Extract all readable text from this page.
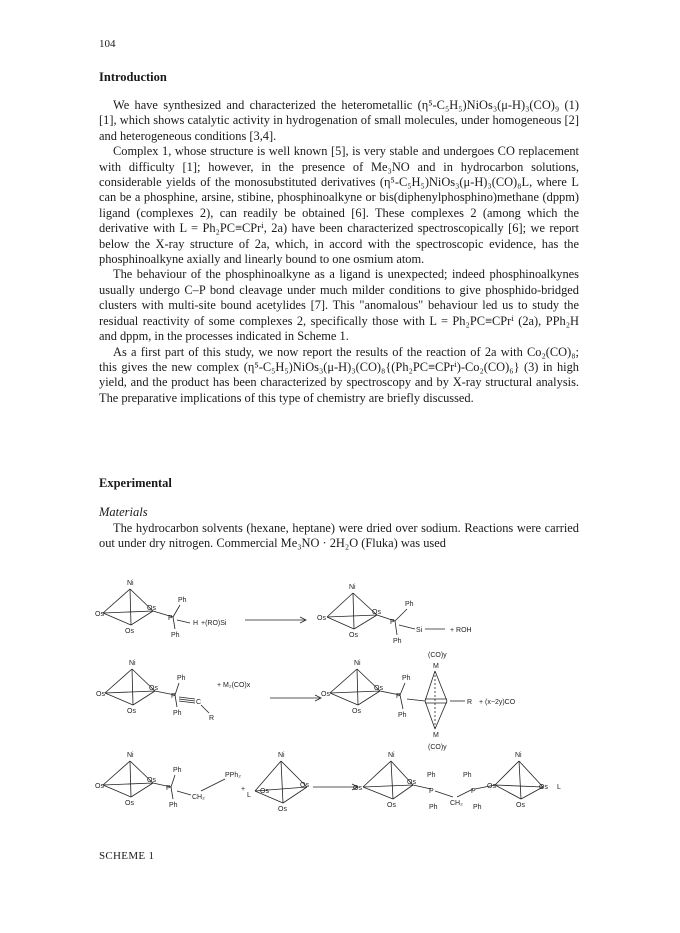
104
Introduction

We have synthesized and characterized the heterometallic (η⁵-C₅H₅)NiOs₃(μ-H)₃(CO)₉ (1) [1], which shows catalytic activity in hydrogenation of small molecules, under homogeneous [2] and heterogeneous conditions [3,4].

Complex 1, whose structure is well known [5], is very stable and undergoes CO replacement with difficulty [1]; however, in the presence of Me₃NO and in hydrocarbon solutions, considerable yields of the monosubstituted derivatives (η⁵-C₅H₅)NiOs₃(μ-H)₃(CO)₈L, where L can be a phosphine, arsine, stibine, phosphinoalkyne or bis(diphenylphosphino)methane (dppm) ligand (complexes 2), can readily be obtained [6]. These complexes 2 (among which the derivative with L = Ph₂PC≡CPrⁱ, 2a) have been characterized spectroscopically [6]; we report below the X-ray structure of 2a, which, in accord with the spectroscopic evidence, has the phosphinoalkyne axially and linearly bound to one osmium atom.

The behaviour of the phosphinoalkyne as a ligand is unexpected; indeed phosphinoalkynes usually undergo C–P bond cleavage under much milder conditions to give phosphido-bridged clusters with multi-site bound acetylides [7]. This "anomalous" behaviour led us to study the residual reactivity of some complexes 2, specifically those with L = Ph₂PC≡CPrⁱ (2a), PPh₂H and dppm, in the processes indicated in Scheme 1.

As a first part of this study, we now report the results of the reaction of 2a with Co₂(CO)₈; this gives the new complex (η⁵-C₅H₅)NiOs₃(μ-H)₃(CO)₈{(Ph₂PC≡CPrⁱ)-Co₂(CO)₆} (3) in high yield, and the product has been characterized by spectroscopy and by X-ray structural analysis. The preparative implications of this type of chemistry are briefly discussed.

Experimental
Materials

The hydrocarbon solvents (hexane, heptane) were dried over sodium. Reactions were carried out under dry nitrogen. Commercial Me₃NO · 2H₂O (Fluka) was used

Ni
Os
Os
Os
Ph
P
Ph
H +(RO)Si
Ni
Os
Os
Os
Ph
P
Ph
Si	+ ROH
Ni
Os
Os
Os
Ph
P
Ph
C
R
+ M₂(CO)x
Ni
Os
Os
Os
Ph
P
Ph
M
M
(CO)y
(CO)y
R + (x−2y)CO
Ni
Os
Os
Os
Ph
P
Ph
CH₂
PPh₂
+
Ni
L
Os
Os
Os
Ni
Os
Os
Os
Ph
P
Ph
CH₂
Ph
P
Ph
Os
Ni
Os L
Os
SCHEME 1
